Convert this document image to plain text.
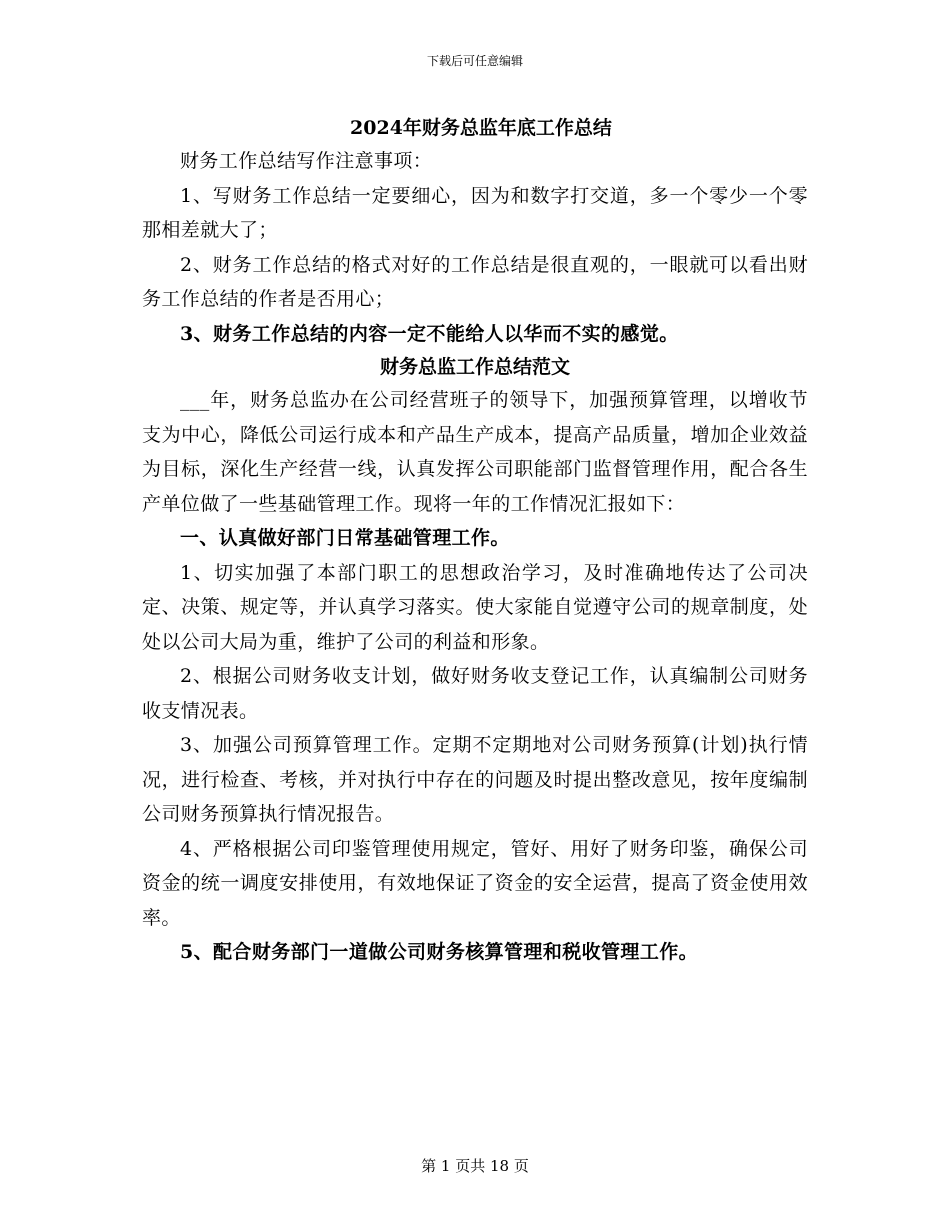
下载后可任意编辑
2024年财务总监年底工作总结

财务工作总结写作注意事项：

1、写财务工作总结一定要细心，因为和数字打交道，多一个零少一个零那相差就大了；

2、财务工作总结的格式对好的工作总结是很直观的，一眼就可以看出财务工作总结的作者是否用心；

3、财务工作总结的内容一定不能给人以华而不实的感觉。

财务总监工作总结范文

___年，财务总监办在公司经营班子的领导下，加强预算管理，以增收节支为中心，降低公司运行成本和产品生产成本，提高产品质量，增加企业效益为目标，深化生产经营一线，认真发挥公司职能部门监督管理作用，配合各生产单位做了一些基础管理工作。现将一年的工作情况汇报如下：

一、认真做好部门日常基础管理工作。

1、切实加强了本部门职工的思想政治学习，及时准确地传达了公司决定、决策、规定等，并认真学习落实。使大家能自觉遵守公司的规章制度，处处以公司大局为重，维护了公司的利益和形象。

2、根据公司财务收支计划，做好财务收支登记工作，认真编制公司财务收支情况表。

3、加强公司预算管理工作。定期不定期地对公司财务预算(计划)执行情况，进行检查、考核，并对执行中存在的问题及时提出整改意见，按年度编制公司财务预算执行情况报告。

4、严格根据公司印鉴管理使用规定，管好、用好了财务印鉴，确保公司资金的统一调度安排使用，有效地保证了资金的安全运营，提高了资金使用效率。

5、配合财务部门一道做公司财务核算管理和税收管理工作。

第 1 页共 18 页
